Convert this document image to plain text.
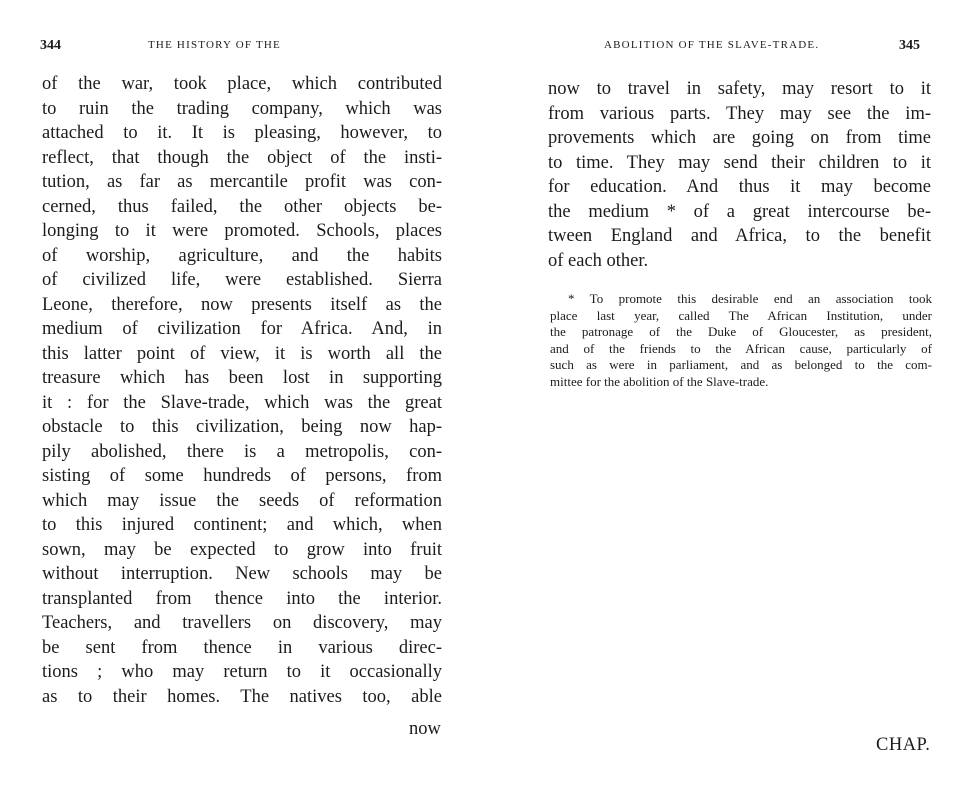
344	THE HISTORY OF THE	ABOLITION OF THE SLAVE-TRADE.	345
of the war, took place, which contributed
to ruin the trading company, which was
attached to it. It is pleasing, however, to
reflect, that though the object of the insti-
tution, as far as mercantile profit was con-
cerned, thus failed, the other objects be-
longing to it were promoted. Schools, places
of worship, agriculture, and the habits
of civilized life, were established. Sierra
Leone, therefore, now presents itself as the
medium of civilization for Africa. And, in
this latter point of view, it is worth all the
treasure which has been lost in supporting
it : for the Slave-trade, which was the great
obstacle to this civilization, being now hap-
pily abolished, there is a metropolis, con-
sisting of some hundreds of persons, from
which may issue the seeds of reformation
to this injured continent; and which, when
sown, may be expected to grow into fruit
without interruption. New schools may be
transplanted from thence into the interior.
Teachers, and travellers on discovery, may
be sent from thence in various direc-
tions ; who may return to it occasionally
as to their homes. The natives too, able
now
now to travel in safety, may resort to it
from various parts. They may see the im-
provements which are going on from time
to time. They may send their children to it
for education. And thus it may become
the medium * of a great intercourse be-
tween England and Africa, to the benefit
of each other.
* To promote this desirable end an association took
place last year, called The African Institution, under
the patronage of the Duke of Gloucester, as president,
and of the friends to the African cause, particularly of
such as were in parliament, and as belonged to the com-
mittee for the abolition of the Slave-trade.
CHAP.
